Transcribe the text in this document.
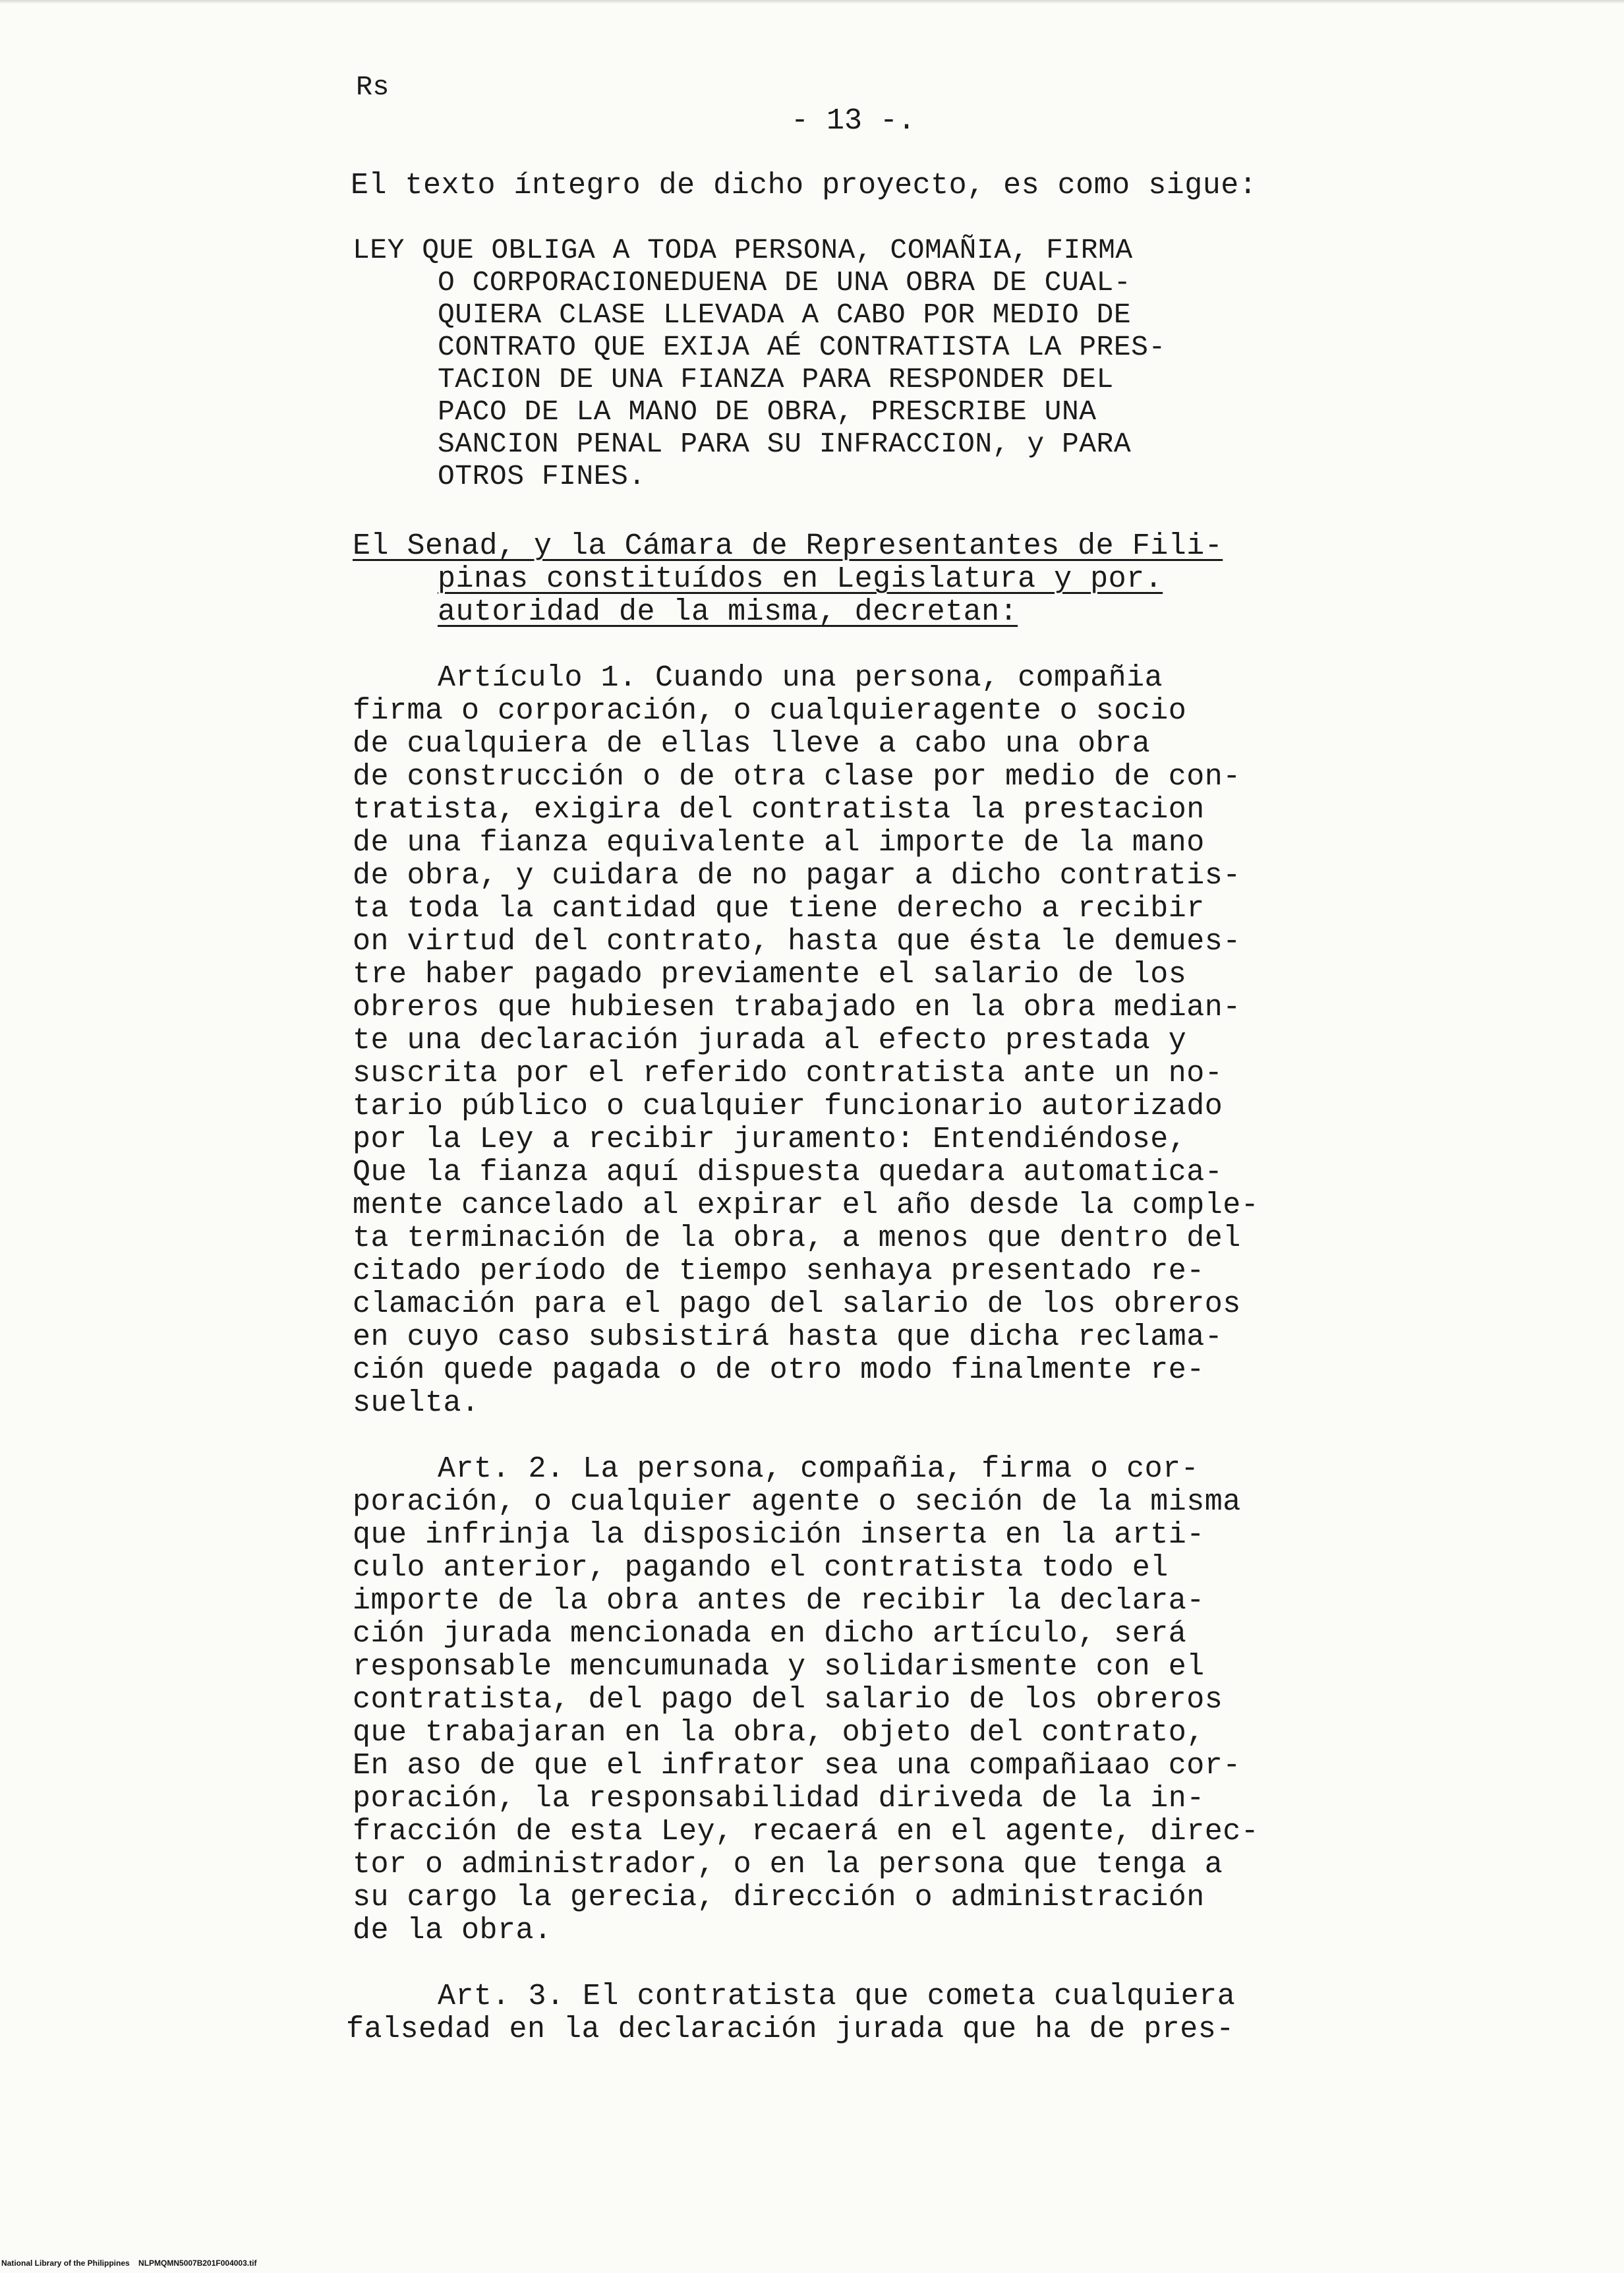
Rs
- 13 -.
El texto íntegro de dicho proyecto, es como sigue:
LEY QUE OBLIGA A TODA PERSONA, COMAÑIA, FIRMA
O CORPORACIONEDUENA DE UNA OBRA DE CUAL-
QUIERA CLASE LLEVADA A CABO POR MEDIO DE
CONTRATO QUE EXIJA AÉ CONTRATISTA LA PRES-
TACION DE UNA FIANZA PARA RESPONDER DEL
PACO DE LA MANO DE OBRA, PRESCRIBE UNA
SANCION PENAL PARA SU INFRACCION, y PARA
OTROS FINES.
El Senad, y la Cámara de Representantes de Fili-
pinas constituídos en Legislatura y por.
autoridad de la misma, decretan:
Artículo 1. Cuando una persona, compañia
firma o corporación, o cualquieragente o socio
de cualquiera de ellas lleve a cabo una obra
de construcción o de otra clase por medio de con-
tratista, exigira del contratista la prestacion
de una fianza equivalente al importe de la mano
de obra, y cuidara de no pagar a dicho contratis-
ta toda la cantidad que tiene derecho a recibir
on virtud del contrato, hasta que ésta le demues-
tre haber pagado previamente el salario de los
obreros que hubiesen trabajado en la obra median-
te una declaración jurada al efecto prestada y
suscrita por el referido contratista ante un no-
tario público o cualquier funcionario autorizado
por la Ley a recibir juramento: Entendiéndose,
Que la fianza aquí dispuesta quedara automatica-
mente cancelado al expirar el año desde la comple-
ta terminación de la obra, a menos que dentro del
citado período de tiempo senhaya presentado re-
clamación para el pago del salario de los obreros
en cuyo caso subsistirá hasta que dicha reclama-
ción quede pagada o de otro modo finalmente re-
suelta.
Art. 2. La persona, compañia, firma o cor-
poración, o cualquier agente o seción de la misma
que infrinja la disposición inserta en la arti-
culo anterior, pagando el contratista todo el
importe de la obra antes de recibir la declara-
ción jurada mencionada en dicho artículo, será
responsable mencumunada y solidarismente con el
contratista, del pago del salario de los obreros
que trabajaran en la obra, objeto del contrato,
En aso de que el infrator sea una compañiaao cor-
poración, la responsabilidad diriveda de la in-
fracción de esta Ley, recaerá en el agente, direc-
tor o administrador, o en la persona que tenga a
su cargo la gerecia, dirección o administración
de la obra.
Art. 3. El contratista que cometa cualquiera
falsedad en la declaración jurada que ha de pres-
National Library of the Philippines    NLPMQMN5007B201F004003.tif
